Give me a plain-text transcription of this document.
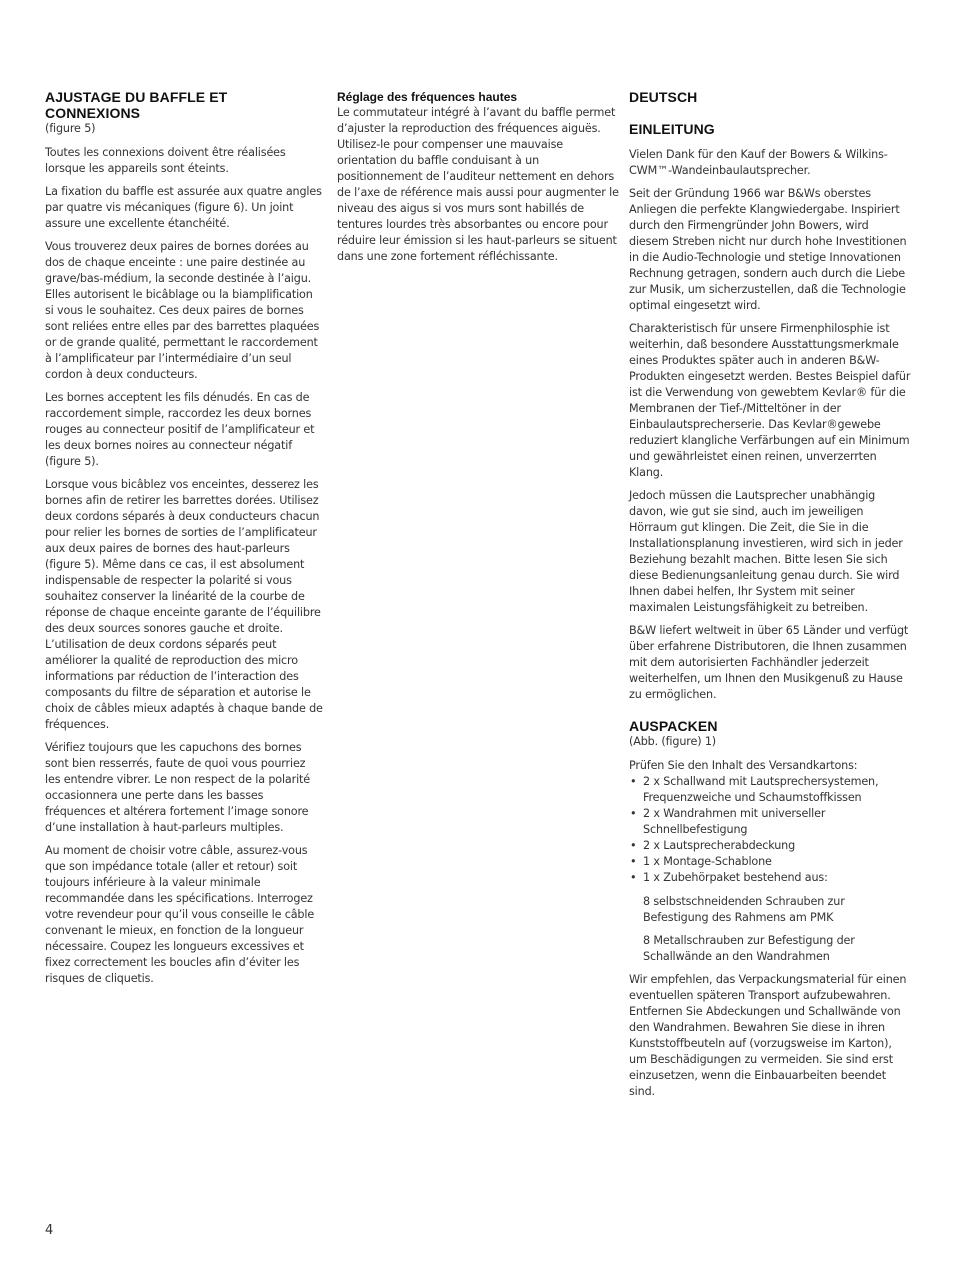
AJUSTAGE DU BAFFLE ET CONNEXIONS

(figure 5)

Toutes les connexions doivent être réalisées lorsque les appareils sont éteints.

La fixation du baffle est assurée aux quatre angles par quatre vis mécaniques (figure 6). Un joint assure une excellente étanchéité.

Vous trouverez deux paires de bornes dorées au dos de chaque enceinte : une paire destinée au grave/bas-médium, la seconde destinée à l’aigu. Elles autorisent le bicâblage ou la biamplification si vous le souhaitez. Ces deux paires de bornes sont reliées entre elles par des barrettes plaquées or de grande qualité, permettant le raccordement à l’amplificateur par l’intermédiaire d’un seul cordon à deux conducteurs.

Les bornes acceptent les fils dénudés. En cas de raccordement simple, raccordez les deux bornes rouges au connecteur positif de l’amplificateur et les deux bornes noires au connecteur négatif (figure 5).

Lorsque vous bicâblez vos enceintes, desserez les bornes afin de retirer les barrettes dorées. Utilisez deux cordons séparés à deux conducteurs chacun pour relier les bornes de sorties de l’amplificateur aux deux paires de bornes des haut-parleurs (figure 5). Même dans ce cas, il est absolument indispensable de respecter la polarité si vous souhaitez conserver la linéarité de la courbe de réponse de chaque enceinte garante de l’équilibre des deux sources sonores gauche et droite. L’utilisation de deux cordons séparés peut améliorer la qualité de reproduction des micro informations par réduction de l’interaction des composants du filtre de séparation et autorise le choix de câbles mieux adaptés à chaque bande de fréquences.

Vérifiez toujours que les capuchons des bornes sont bien resserrés, faute de quoi vous pourriez les entendre vibrer. Le non respect de la polarité occasionnera une perte dans les basses fréquences et altérera fortement l’image sonore d’une installation à haut-parleurs multiples.

Au moment de choisir votre câble, assurez-vous que son impédance totale (aller et retour) soit toujours inférieure à la valeur minimale recommandée dans les spécifications. Interrogez votre revendeur pour qu’il vous conseille le câble convenant le mieux, en fonction de la longueur nécessaire. Coupez les longueurs excessives et fixez correctement les boucles afin d’éviter les risques de cliquetis.

Réglage des fréquences hautes

Le commutateur intégré à l’avant du baffle permet d’ajuster la reproduction des fréquences aiguës. Utilisez-le pour compenser une mauvaise orientation du baffle conduisant à un positionnement de l’auditeur nettement en dehors de l’axe de référence mais aussi pour augmenter le niveau des aigus si vos murs sont habillés de tentures lourdes très absorbantes ou encore pour réduire leur émission si les haut-parleurs se situent dans une zone fortement réfléchissante.

DEUTSCH
EINLEITUNG

Vielen Dank für den Kauf der Bowers & Wilkins-CWM™-Wandeinbaulautsprecher.

Seit der Gründung 1966 war B&Ws oberstes Anliegen die perfekte Klangwiedergabe. Inspiriert durch den Firmengründer John Bowers, wird diesem Streben nicht nur durch hohe Investitionen in die Audio-Technologie und stetige Innovationen Rechnung getragen, sondern auch durch die Liebe zur Musik, um sicherzustellen, daß die Technologie optimal eingesetzt wird.

Charakteristisch für unsere Firmenphilosphie ist weiterhin, daß besondere Ausstattungsmerkmale eines Produktes später auch in anderen B&W-Produkten eingesetzt werden. Bestes Beispiel dafür ist die Verwendung von gewebtem Kevlar® für die Membranen der Tief-/Mitteltöner in der Einbaulautsprecherserie. Das Kevlar®gewebe reduziert klangliche Verfärbungen auf ein Minimum und gewährleistet einen reinen, unverzerrten Klang.

Jedoch müssen die Lautsprecher unabhängig davon, wie gut sie sind, auch im jeweiligen Hörraum gut klingen. Die Zeit, die Sie in die Installationsplanung investieren, wird sich in jeder Beziehung bezahlt machen. Bitte lesen Sie sich diese Bedienungsanleitung genau durch. Sie wird Ihnen dabei helfen, Ihr System mit seiner maximalen Leistungsfähigkeit zu betreiben.

B&W liefert weltweit in über 65 Länder und verfügt über erfahrene Distributoren, die Ihnen zusammen mit dem autorisierten Fachhändler jederzeit weiterhelfen, um Ihnen den Musikgenuß zu Hause zu ermöglichen.

AUSPACKEN

(Abb. (figure) 1)

Prüfen Sie den Inhalt des Versandkartons:

• 2 x Schallwand mit Lautsprechersystemen, Frequenzweiche und Schaumstoffkissen
• 2 x Wandrahmen mit universeller Schnellbefestigung
• 2 x Lautsprecherabdeckung
• 1 x Montage-Schablone
• 1 x Zubehörpaket bestehend aus:

8 selbstschneidenden Schrauben zur Befestigung des Rahmens am PMK

8 Metallschrauben zur Befestigung der Schallwände an den Wandrahmen

Wir empfehlen, das Verpackungsmaterial für einen eventuellen späteren Transport aufzubewahren. Entfernen Sie Abdeckungen und Schallwände von den Wandrahmen. Bewahren Sie diese in ihren Kunststoffbeuteln auf (vorzugsweise im Karton), um Beschädigungen zu vermeiden. Sie sind erst einzusetzen, wenn die Einbauarbeiten beendet sind.

4
